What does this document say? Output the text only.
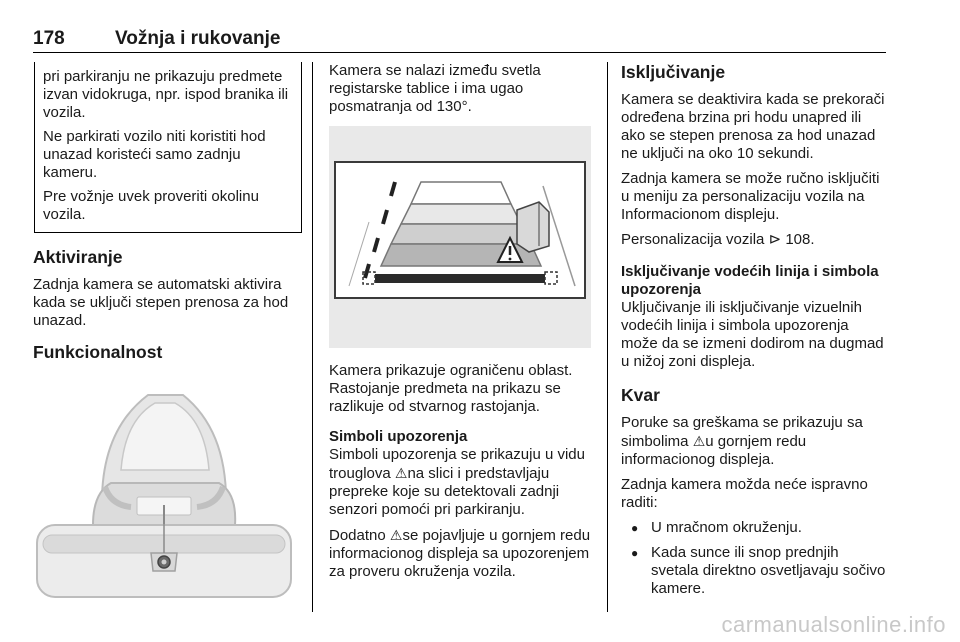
178	Vožnja i rukovanje

pri parkiranju ne prikazuju predmete izvan vidokruga, npr. ispod branika ili vozila.

Ne parkirati vozilo niti koristiti hod unazad koristeći samo zadnju kameru.

Pre vožnje uvek proveriti okolinu vozila.

Aktiviranje

Zadnja kamera se automatski aktivira kada se uključi stepen prenosa za hod unazad.

Funkcionalnost

Kamera se nalazi između svetla registarske tablice i ima ugao posmatranja od 130°.

Kamera prikazuje ograničenu oblast. Rastojanje predmeta na prikazu se razlikuje od stvarnog rastojanja.

Simboli upozorenja

Simboli upozorenja se prikazuju u vidu trouglova ⚠na slici i predstavljaju prepreke koje su detektovali zadnji senzori pomoći pri parkiranju.

Dodatno ⚠se pojavljuje u gornjem redu informacionog displeja sa upozorenjem za proveru okruženja vozila.

Isključivanje

Kamera se deaktivira kada se prekorači određena brzina pri hodu unapred ili ako se stepen prenosa za hod unazad ne uključi na oko 10 sekundi.

Zadnja kamera se može ručno isključiti u meniju za personalizaciju vozila na Informacionom displeju.

Personalizacija vozila ⊳ 108.

Isključivanje vodećih linija i simbola upozorenja

Uključivanje ili isključivanje vizuelnih vodećih linija i simbola upozorenja može da se izmeni dodirom na dugmad u nižoj zoni displeja.

Kvar

Poruke sa greškama se prikazuju sa simbolima ⚠u gornjem redu informacionog displeja.

Zadnja kamera možda neće ispravno raditi:

● U mračnom okruženju.
● Kada sunce ili snop prednjih svetala direktno osvetljavaju sočivo kamere.
carmanualsonline.info
